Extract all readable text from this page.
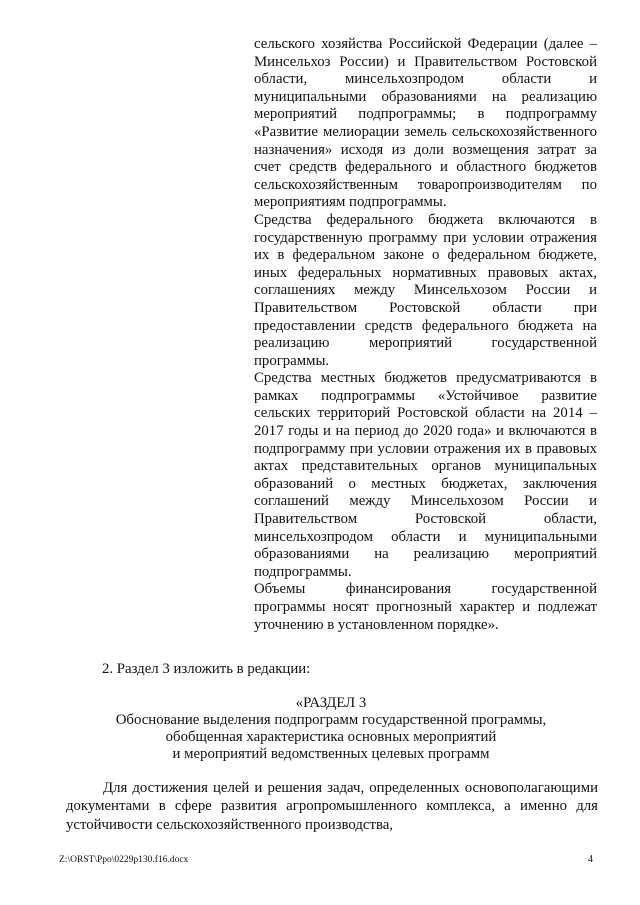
сельского хозяйства Российской Федерации (далее – Минсельхоз России) и Правительством Ростовской области, минсельхозпродом области и муниципальными образованиями на реализацию мероприятий подпрограммы; в подпрограмму «Развитие мелиорации земель сельскохозяйственного назначения» исходя из доли возмещения затрат за счет средств федерального и областного бюджетов сельскохозяйственным товаропроизводителям по мероприятиям подпрограммы.

Средства федерального бюджета включаются в государственную программу при условии отражения их в федеральном законе о федеральном бюджете, иных федеральных нормативных правовых актах, соглашениях между Минсельхозом России и Правительством Ростовской области при предоставлении средств федерального бюджета на реализацию мероприятий государственной программы.

Средства местных бюджетов предусматриваются в рамках подпрограммы «Устойчивое развитие сельских территорий Ростовской области на 2014 – 2017 годы и на период до 2020 года» и включаются в подпрограмму при условии отражения их в правовых актах представительных органов муниципальных образований о местных бюджетах, заключения соглашений между Минсельхозом России и Правительством Ростовской области, минсельхозпродом области и муниципальными образованиями на реализацию мероприятий подпрограммы.

Объемы финансирования государственной программы носят прогнозный характер и подлежат уточнению в установленном порядке».

2. Раздел 3 изложить в редакции:
«РАЗДЕЛ 3
Обоснование выделения подпрограмм государственной программы,
обобщенная характеристика основных мероприятий
и мероприятий ведомственных целевых программ

Для достижения целей и решения задач, определенных основополагающими документами в сфере развития агропромышленного комплекса, а именно для устойчивости сельскохозяйственного производства,

Z:\ORST\Ppo\0229p130.f16.docx	4
